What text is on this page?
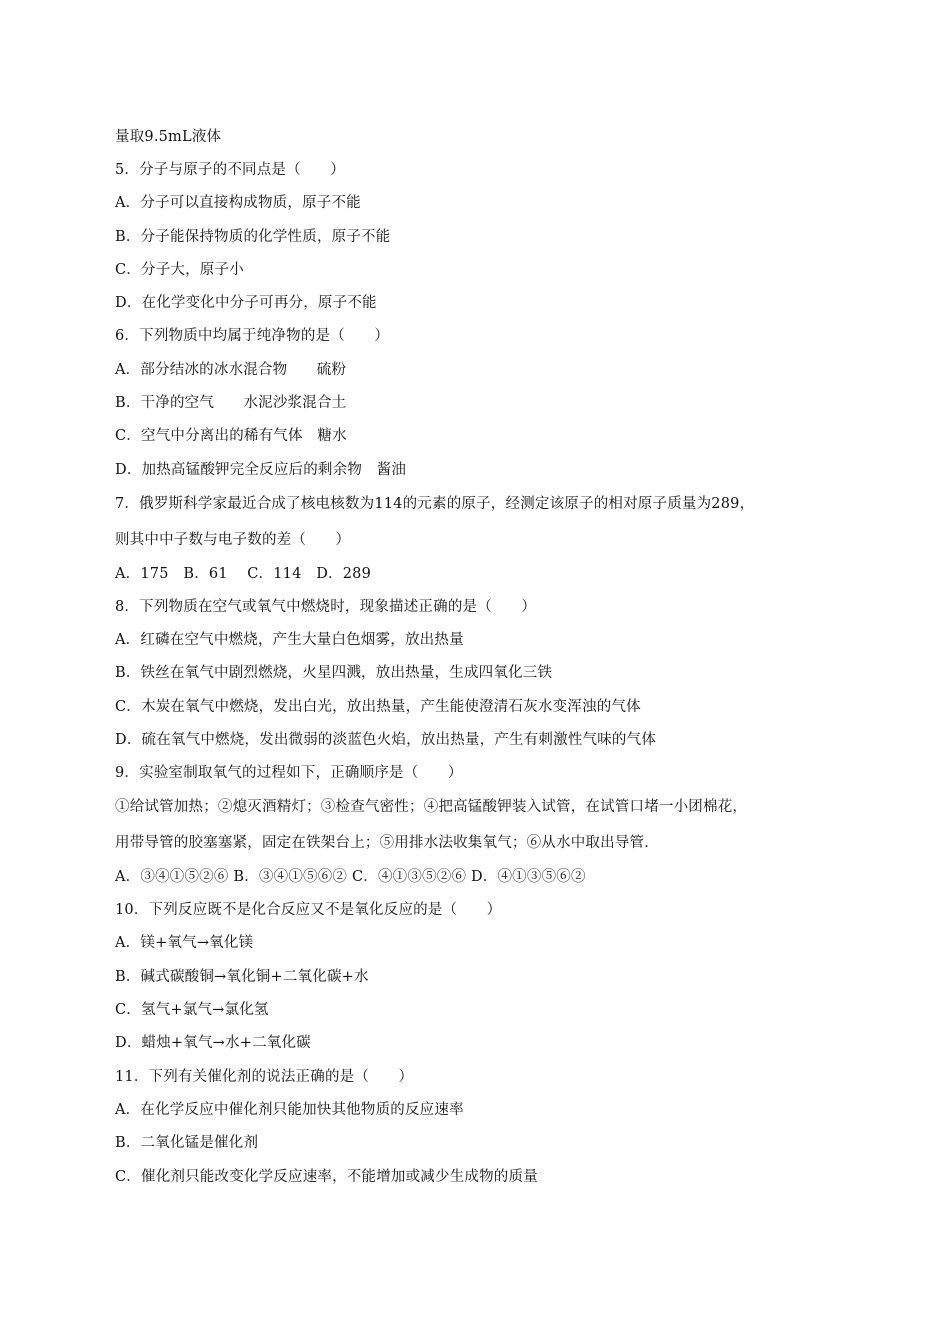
量取9.5mL液体
5．分子与原子的不同点是（　　）
A．分子可以直接构成物质，原子不能
B．分子能保持物质的化学性质，原子不能
C．分子大，原子小
D．在化学变化中分子可再分，原子不能
6．下列物质中均属于纯净物的是（　　）
A．部分结冰的冰水混合物　　硫粉
B．干净的空气　　水泥沙浆混合土
C．空气中分离出的稀有气体　糖水
D．加热高锰酸钾完全反应后的剩余物　酱油
7．俄罗斯科学家最近合成了核电核数为114的元素的原子，经测定该原子的相对原子质量为289，
则其中中子数与电子数的差（　　）
A．175　B．61　 C．114　D．289
8．下列物质在空气或氧气中燃烧时，现象描述正确的是（　　）
A．红磷在空气中燃烧，产生大量白色烟雾，放出热量
B．铁丝在氧气中剧烈燃烧，火星四溅，放出热量，生成四氧化三铁
C．木炭在氧气中燃烧，发出白光，放出热量，产生能使澄清石灰水变浑浊的气体
D．硫在氧气中燃烧，发出微弱的淡蓝色火焰，放出热量，产生有刺激性气味的气体
9．实验室制取氧气的过程如下，正确顺序是（　　）
①给试管加热；②熄灭酒精灯；③检查气密性；④把高锰酸钾装入试管，在试管口堵一小团棉花，
用带导管的胶塞塞紧，固定在铁架台上；⑤用排水法收集氧气；⑥从水中取出导管．
A．③④①⑤②⑥ B．③④①⑤⑥② C．④①③⑤②⑥ D．④①③⑤⑥②
10．下列反应既不是化合反应又不是氧化反应的是（　　）
A．镁+氧气→氧化镁
B．碱式碳酸铜→氧化铜+二氧化碳+水
C．氢气+氯气→氯化氢
D．蜡烛+氧气→水+二氧化碳
11．下列有关催化剂的说法正确的是（　　）
A．在化学反应中催化剂只能加快其他物质的反应速率
B．二氧化锰是催化剂
C．催化剂只能改变化学反应速率，不能增加或减少生成物的质量
